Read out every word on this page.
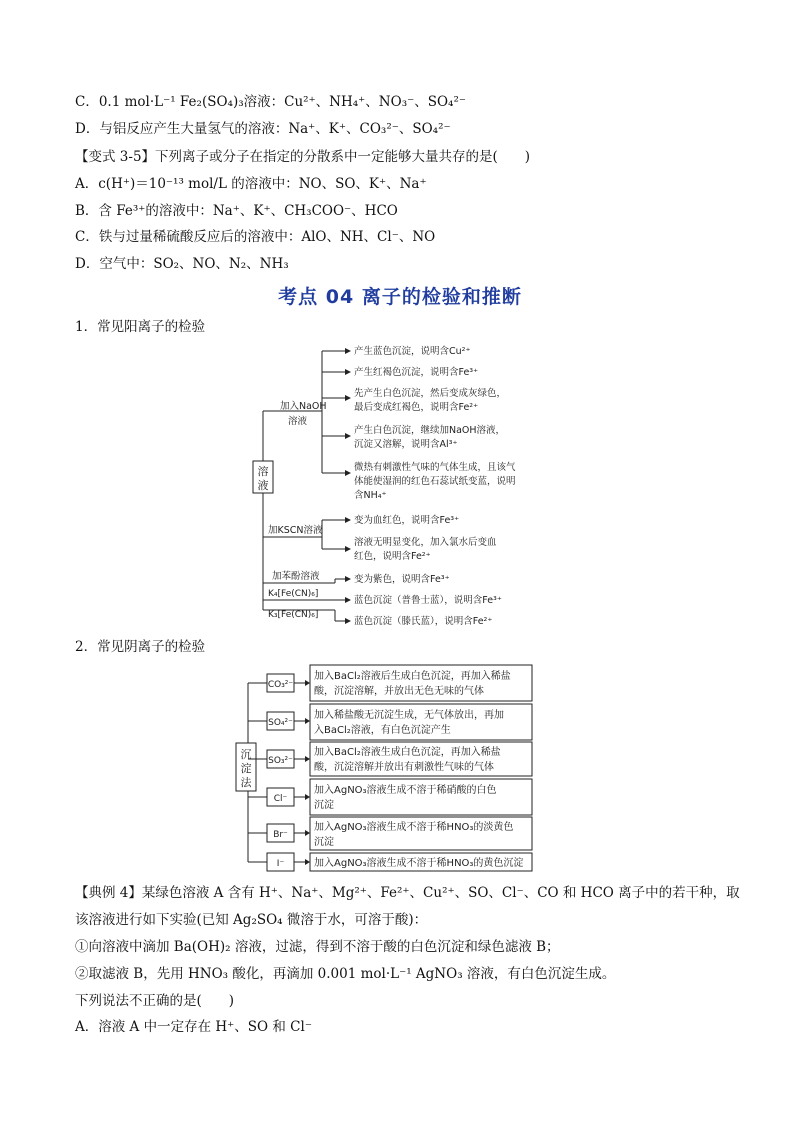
C．0.1 mol·L⁻¹ Fe₂(SO₄)₃溶液：Cu²⁺、NH₄⁺、NO₃⁻、SO₄²⁻
D．与铝反应产生大量氢气的溶液：Na⁺、K⁺、CO₃²⁻、SO₄²⁻
【变式 3-5】下列离子或分子在指定的分散系中一定能够大量共存的是(　　)
A．c(H⁺)＝10⁻¹³ mol/L 的溶液中：NO、SO、K⁺、Na⁺
B．含 Fe³⁺的溶液中：Na⁺、K⁺、CH₃COO⁻、HCO
C．铁与过量稀硫酸反应后的溶液中：AlO、NH、Cl⁻、NO
D．空气中：SO₂、NO、N₂、NH₃
考点 04 离子的检验和推断
1．常见阳离子的检验
溶
液
加入NaOH
溶液
加KSCN溶液
加苯酚溶液
K₄[Fe(CN)₆]
K₃[Fe(CN)₆]
产生蓝色沉淀，说明含Cu²⁺
产生红褐色沉淀，说明含Fe³⁺
先产生白色沉淀，然后变成灰绿色，
最后变成红褐色，说明含Fe²⁺
产生白色沉淀，继续加NaOH溶液，
沉淀又溶解，说明含Al³⁺
微热有刺激性气味的气体生成，且该气
体能使湿润的红色石蕊试纸变蓝，说明
含NH₄⁺
变为血红色，说明含Fe³⁺
溶液无明显变化，加入氯水后变血
红色，说明含Fe²⁺
变为紫色，说明含Fe³⁺
蓝色沉淀（普鲁士蓝），说明含Fe³⁺
蓝色沉淀（滕氏蓝），说明含Fe²⁺
2．常见阴离子的检验
沉
淀
法
CO₃²⁻
SO₄²⁻
SO₃²⁻
Cl⁻
Br⁻
I⁻
加入BaCl₂溶液后生成白色沉淀，再加入稀盐
酸，沉淀溶解，并放出无色无味的气体
加入稀盐酸无沉淀生成，无气体放出，再加
入BaCl₂溶液，有白色沉淀产生
加入BaCl₂溶液生成白色沉淀，再加入稀盐
酸，沉淀溶解并放出有刺激性气味的气体
加入AgNO₃溶液生成不溶于稀硝酸的白色
沉淀
加入AgNO₃溶液生成不溶于稀HNO₃的淡黄色
沉淀
加入AgNO₃溶液生成不溶于稀HNO₃的黄色沉淀
【典例 4】某绿色溶液 A 含有 H⁺、Na⁺、Mg²⁺、Fe²⁺、Cu²⁺、SO、Cl⁻、CO 和 HCO 离子中的若干种，取
该溶液进行如下实验(已知 Ag₂SO₄ 微溶于水，可溶于酸)：
①向溶液中滴加 Ba(OH)₂ 溶液，过滤，得到不溶于酸的白色沉淀和绿色滤液 B；
②取滤液 B，先用 HNO₃ 酸化，再滴加 0.001 mol·L⁻¹ AgNO₃ 溶液，有白色沉淀生成。
下列说法不正确的是(　　)
A．溶液 A 中一定存在 H⁺、SO 和 Cl⁻
